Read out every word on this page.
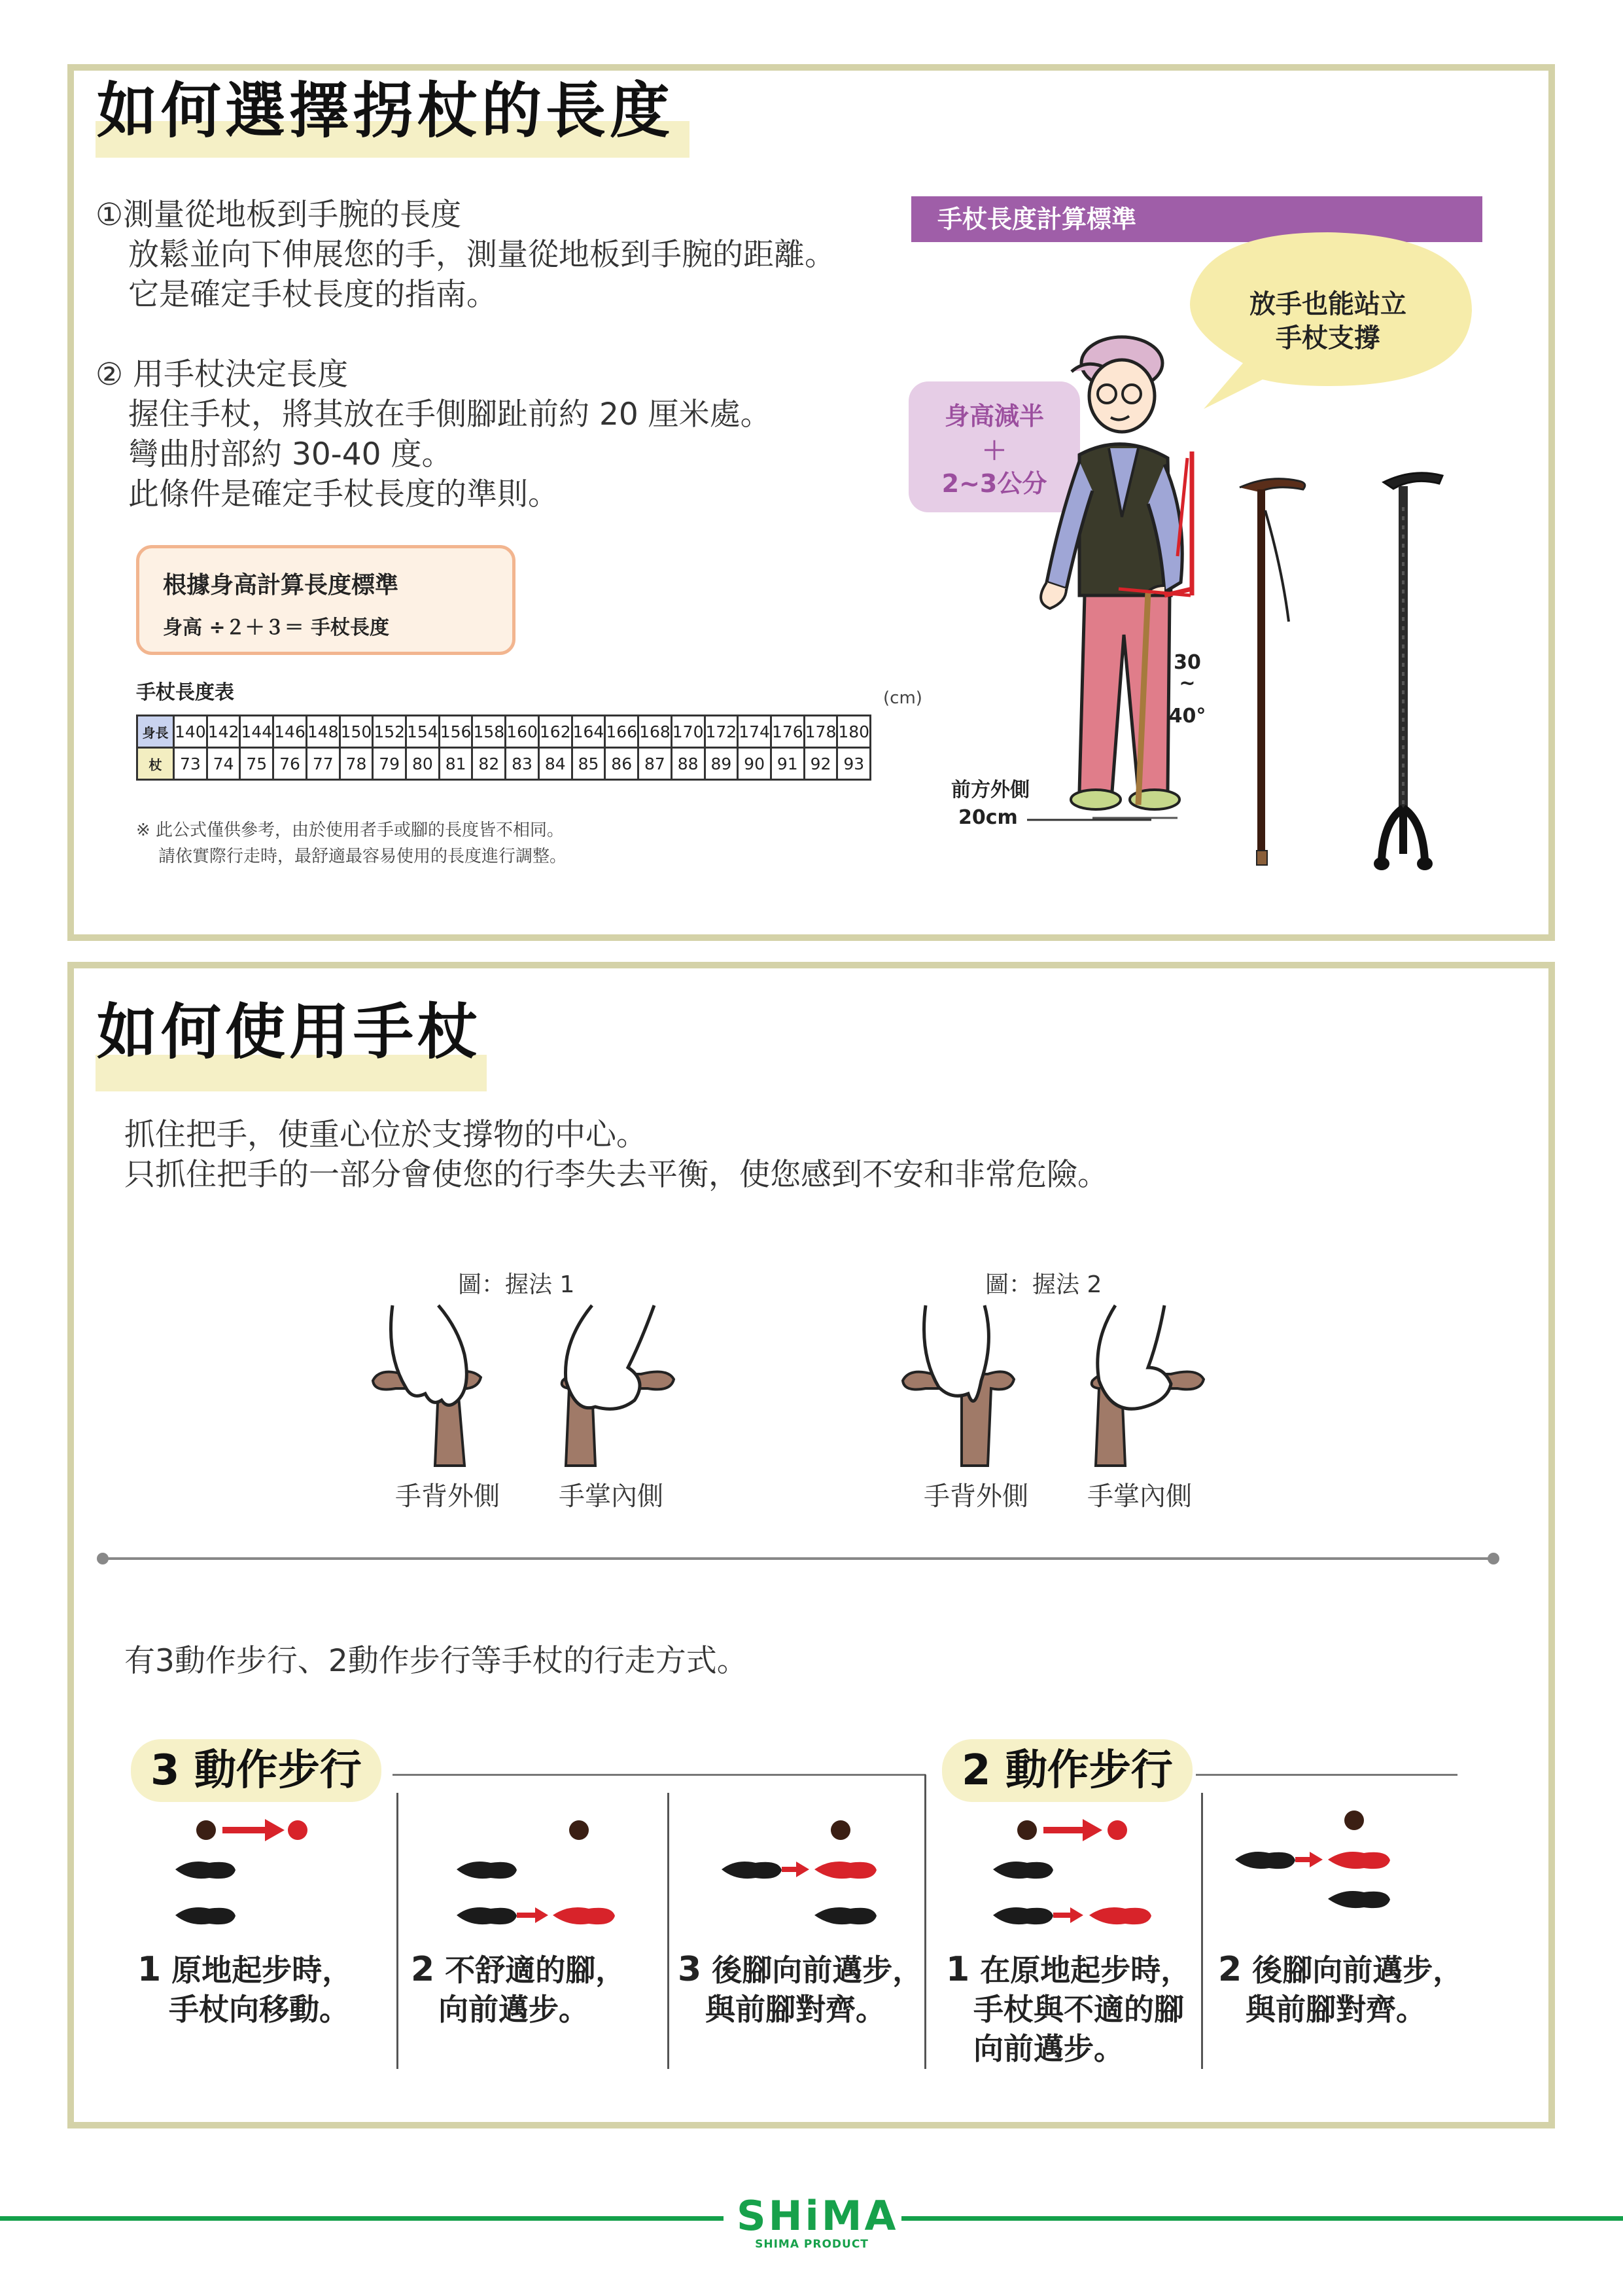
如何選擇拐杖的長度
①測量從地板到手腕的長度
放鬆並向下伸展您的手，測量從地板到手腕的距離。
它是確定手杖長度的指南。
② 用手杖決定長度
握住手杖，將其放在手側腳趾前約 20 厘米處。
彎曲肘部約 30-40 度。
此條件是確定手杖長度的準則。
根據身高計算長度標準
身高 ÷２＋３＝ 手杖長度
手杖長度表	(cm)
身長	140	142	144	146	148	150	152	154	156	158	160	162	164	166	168	170	172	174	176	178	180
杖	73	74	75	76	77	78	79	80	81	82	83	84	85	86	87	88	89	90	91	92	93
※ 此公式僅供參考，由於使用者手或腳的長度皆不相同。
請依實際行走時，最舒適最容易使用的長度進行調整。
手杖長度計算標準
放手也能站立
手杖支撐
身高減半
＋
2~3公分
30
~
40°
前方外側
20cm
如何使用手杖
抓住把手，使重心位於支撐物的中心。
只抓住把手的一部分會使您的行李失去平衡，使您感到不安和非常危險。
圖：握法 1	圖：握法 2
手背外側 手掌內側	手背外側 手掌內側
有3動作步行、2動作步行等手杖的行走方式。
3 動作步行	2 動作步行
1 原地起步時，
手杖向移動。
2 不舒適的腳，
向前邁步。
3 後腳向前邁步，
與前腳對齊。
1 在原地起步時，
手杖與不適的腳
向前邁步。
2 後腳向前邁步，
與前腳對齊。
SHiMA
SHIMA PRODUCT
